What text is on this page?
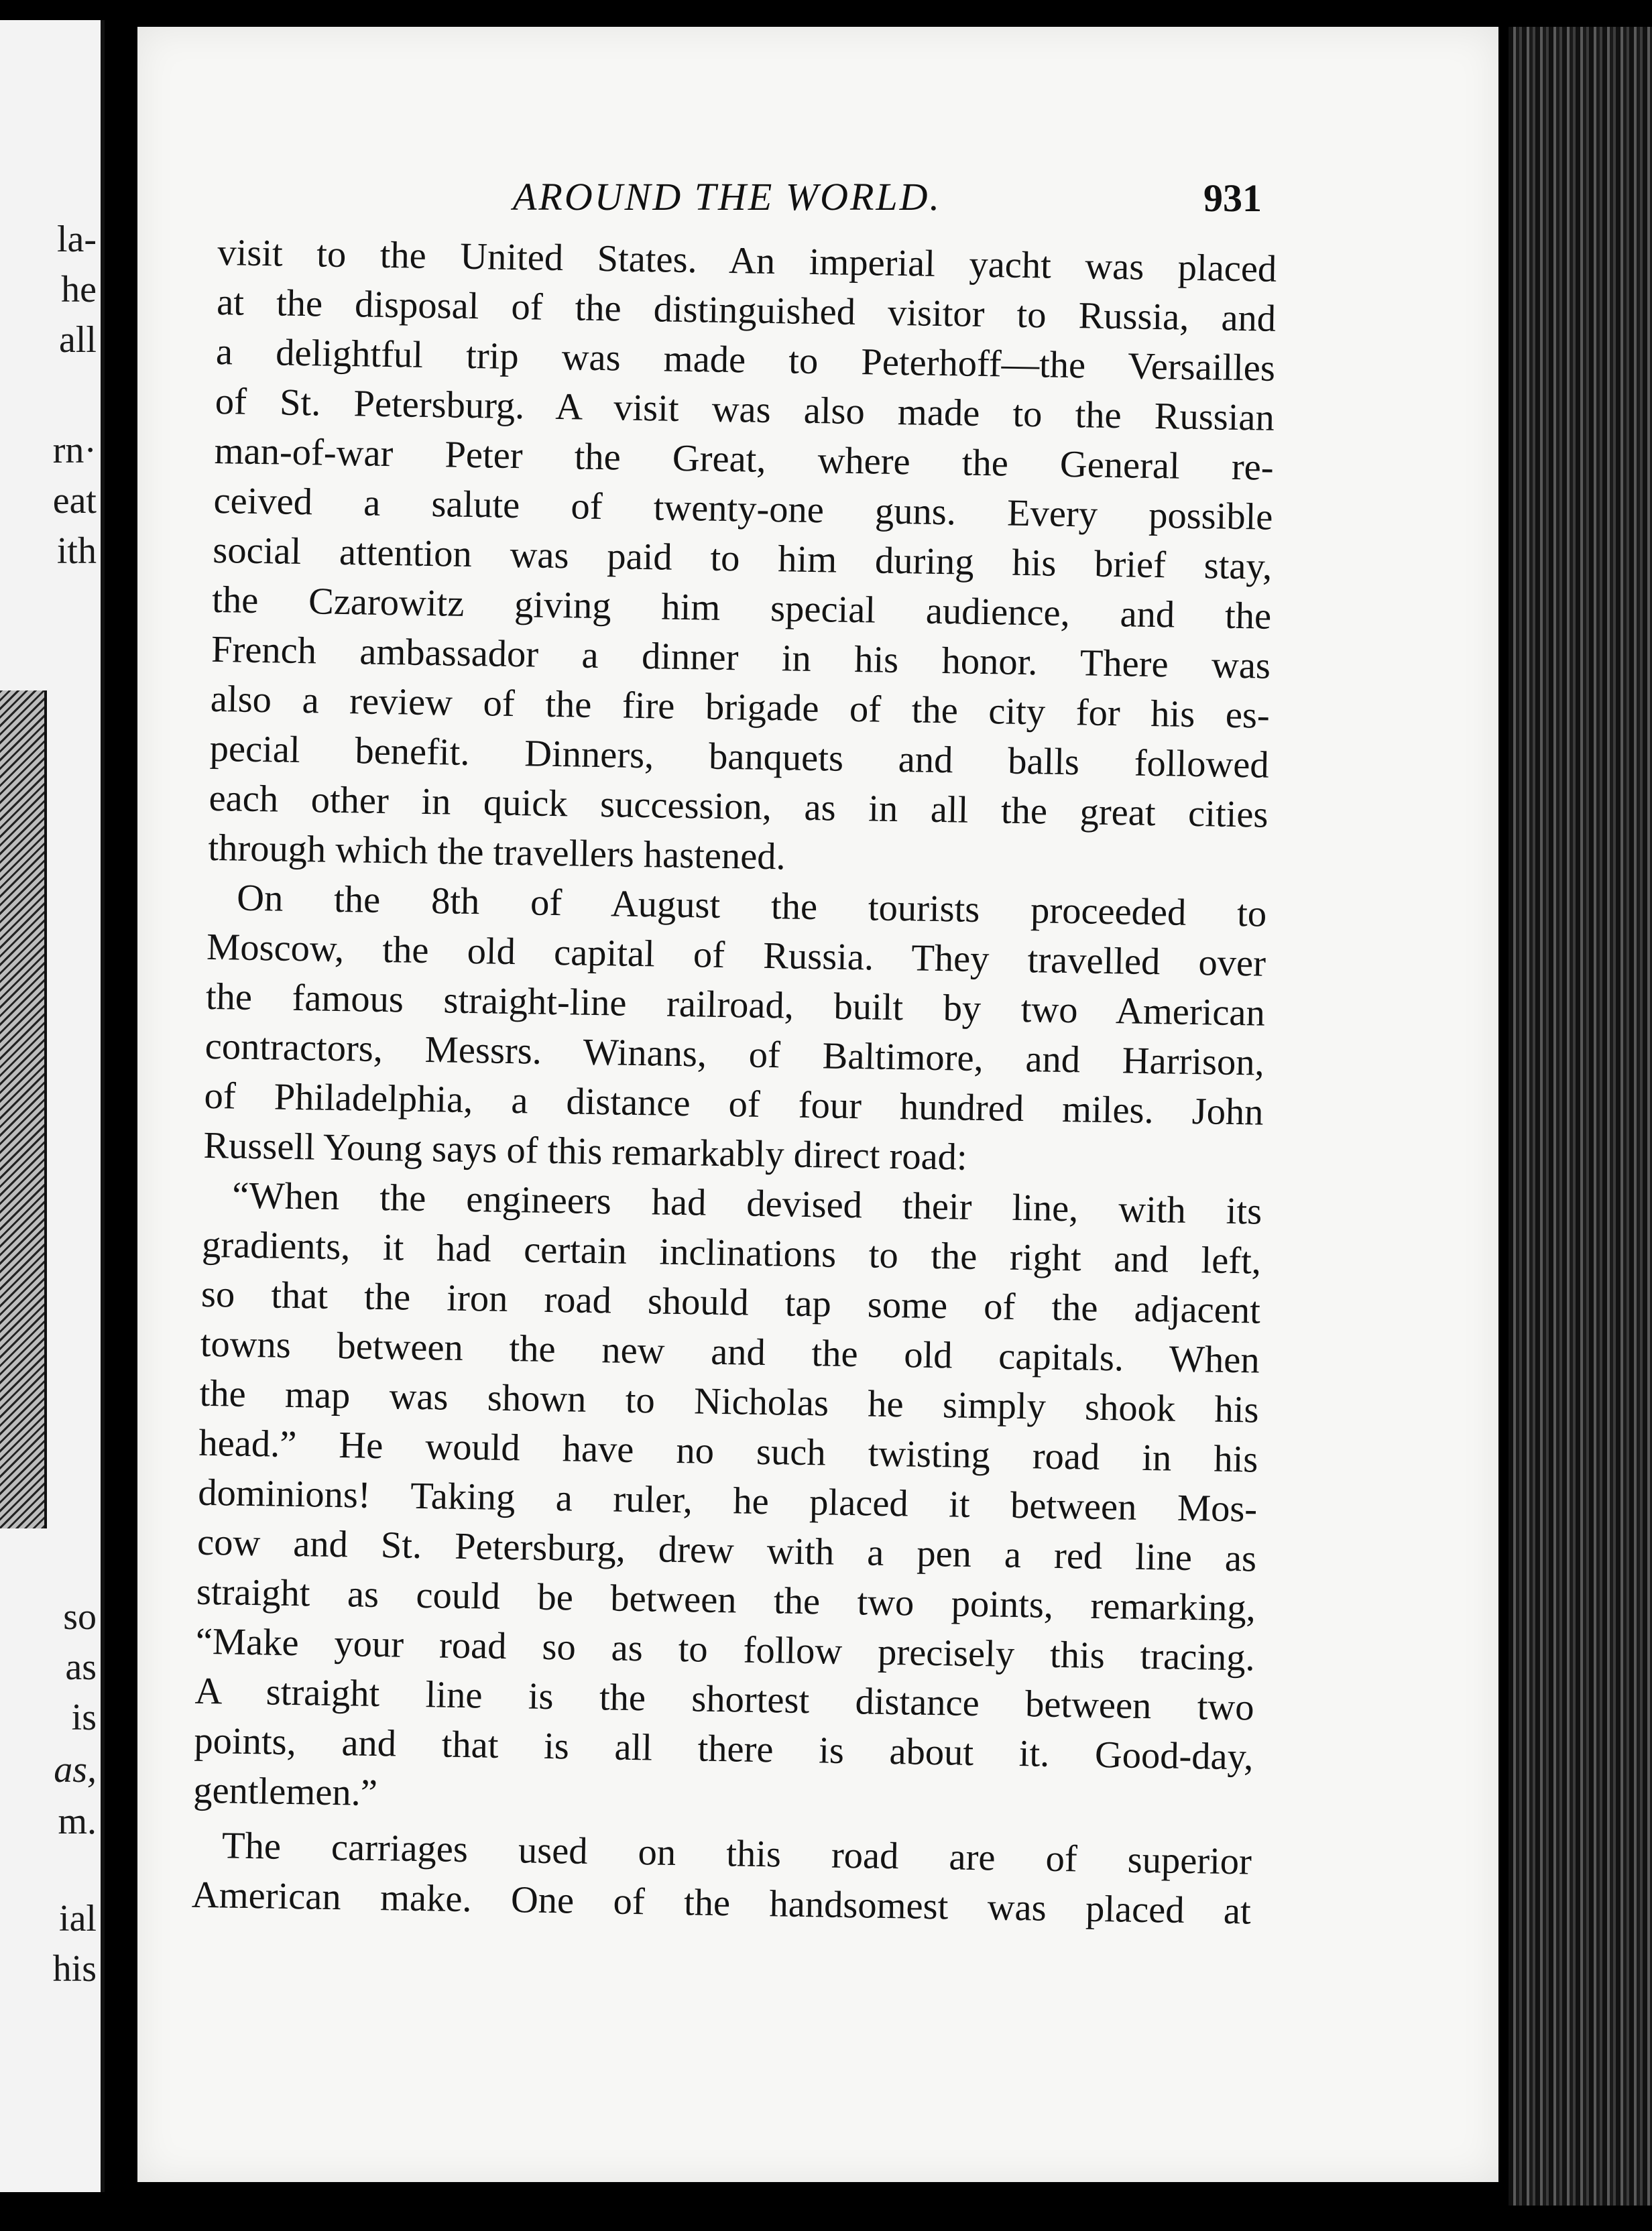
la-
he
all
rn·
eat
ith
so
as
is
as,
m.
ial
his
AROUND THE WORLD.	931
visit to the United States. An imperial yacht was placed
at the disposal of the distinguished visitor to Russia, and
a delightful trip was made to Peterhoff—the Versailles
of St. Petersburg. A visit was also made to the Russian
man-of-war Peter the Great, where the General re-
ceived a salute of twenty-one guns. Every possible
social attention was paid to him during his brief stay,
the Czarowitz giving him special audience, and the
French ambassador a dinner in his honor. There was
also a review of the fire brigade of the city for his es-
pecial benefit. Dinners, banquets and balls followed
each other in quick succession, as in all the great cities
through which the travellers hastened.
On the 8th of August the tourists proceeded to
Moscow, the old capital of Russia. They travelled over
the famous straight-line railroad, built by two American
contractors, Messrs. Winans, of Baltimore, and Harrison,
of Philadelphia, a distance of four hundred miles. John
Russell Young says of this remarkably direct road:
“When the engineers had devised their line, with its
gradients, it had certain inclinations to the right and left,
so that the iron road should tap some of the adjacent
towns between the new and the old capitals. When
the map was shown to Nicholas he simply shook his
head.” He would have no such twisting road in his
dominions! Taking a ruler, he placed it between Mos-
cow and St. Petersburg, drew with a pen a red line as
straight as could be between the two points, remarking,
“Make your road so as to follow precisely this tracing.
A straight line is the shortest distance between two
points, and that is all there is about it. Good-day,
gentlemen.”
The carriages used on this road are of superior
American make. One of the handsomest was placed at
